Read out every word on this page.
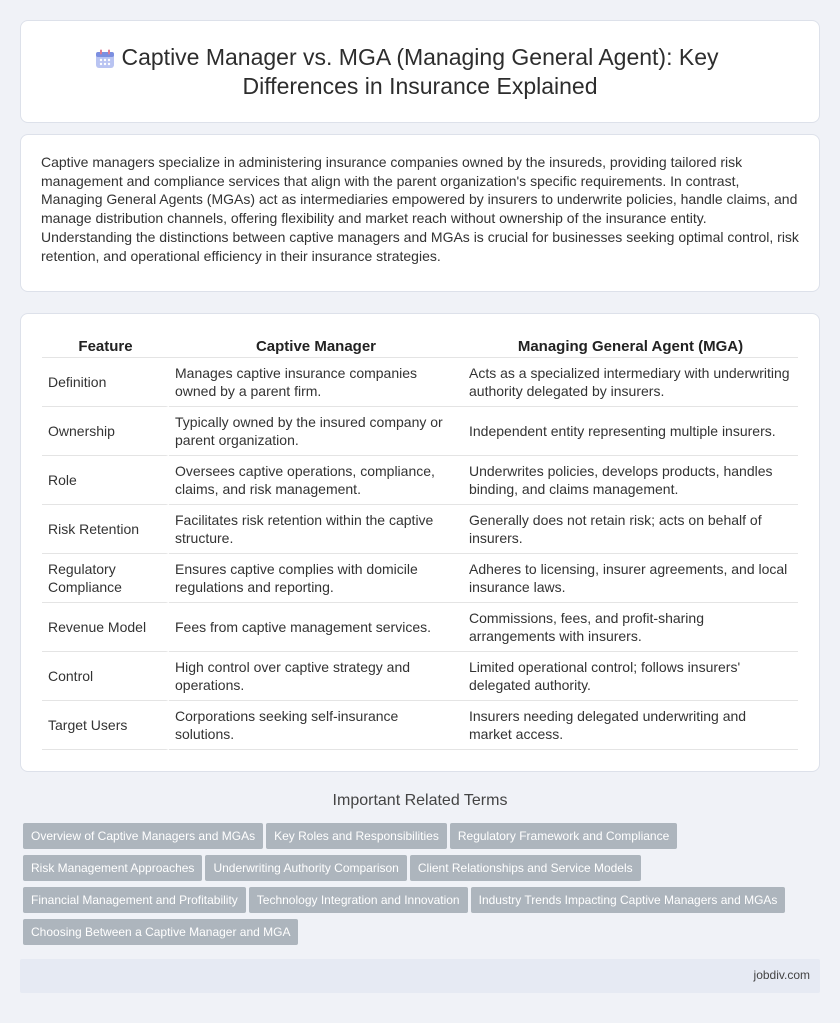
Captive Manager vs. MGA (Managing General Agent): Key Differences in Insurance Explained

Captive managers specialize in administering insurance companies owned by the insureds, providing tailored risk management and compliance services that align with the parent organization's specific requirements. In contrast, Managing General Agents (MGAs) act as intermediaries empowered by insurers to underwrite policies, handle claims, and manage distribution channels, offering flexibility and market reach without ownership of the insurance entity. Understanding the distinctions between captive managers and MGAs is crucial for businesses seeking optimal control, risk retention, and operational efficiency in their insurance strategies.

Feature	Captive Manager	Managing General Agent (MGA)
Definition	Manages captive insurance companies owned by a parent firm.	Acts as a specialized intermediary with underwriting authority delegated by insurers.
Ownership	Typically owned by the insured company or parent organization.	Independent entity representing multiple insurers.
Role	Oversees captive operations, compliance, claims, and risk management.	Underwrites policies, develops products, handles binding, and claims management.
Risk Retention	Facilitates risk retention within the captive structure.	Generally does not retain risk; acts on behalf of insurers.
Regulatory Compliance	Ensures captive complies with domicile regulations and reporting.	Adheres to licensing, insurer agreements, and local insurance laws.
Revenue Model	Fees from captive management services.	Commissions, fees, and profit-sharing arrangements with insurers.
Control	High control over captive strategy and operations.	Limited operational control; follows insurers' delegated authority.
Target Users	Corporations seeking self-insurance solutions.	Insurers needing delegated underwriting and market access.
Important Related Terms
Overview of Captive Managers and MGAs Key Roles and Responsibilities Regulatory Framework and Compliance
Risk Management Approaches Underwriting Authority Comparison Client Relationships and Service Models
Financial Management and Profitability Technology Integration and Innovation Industry Trends Impacting Captive Managers and MGAs
Choosing Between a Captive Manager and MGA
jobdiv.com
